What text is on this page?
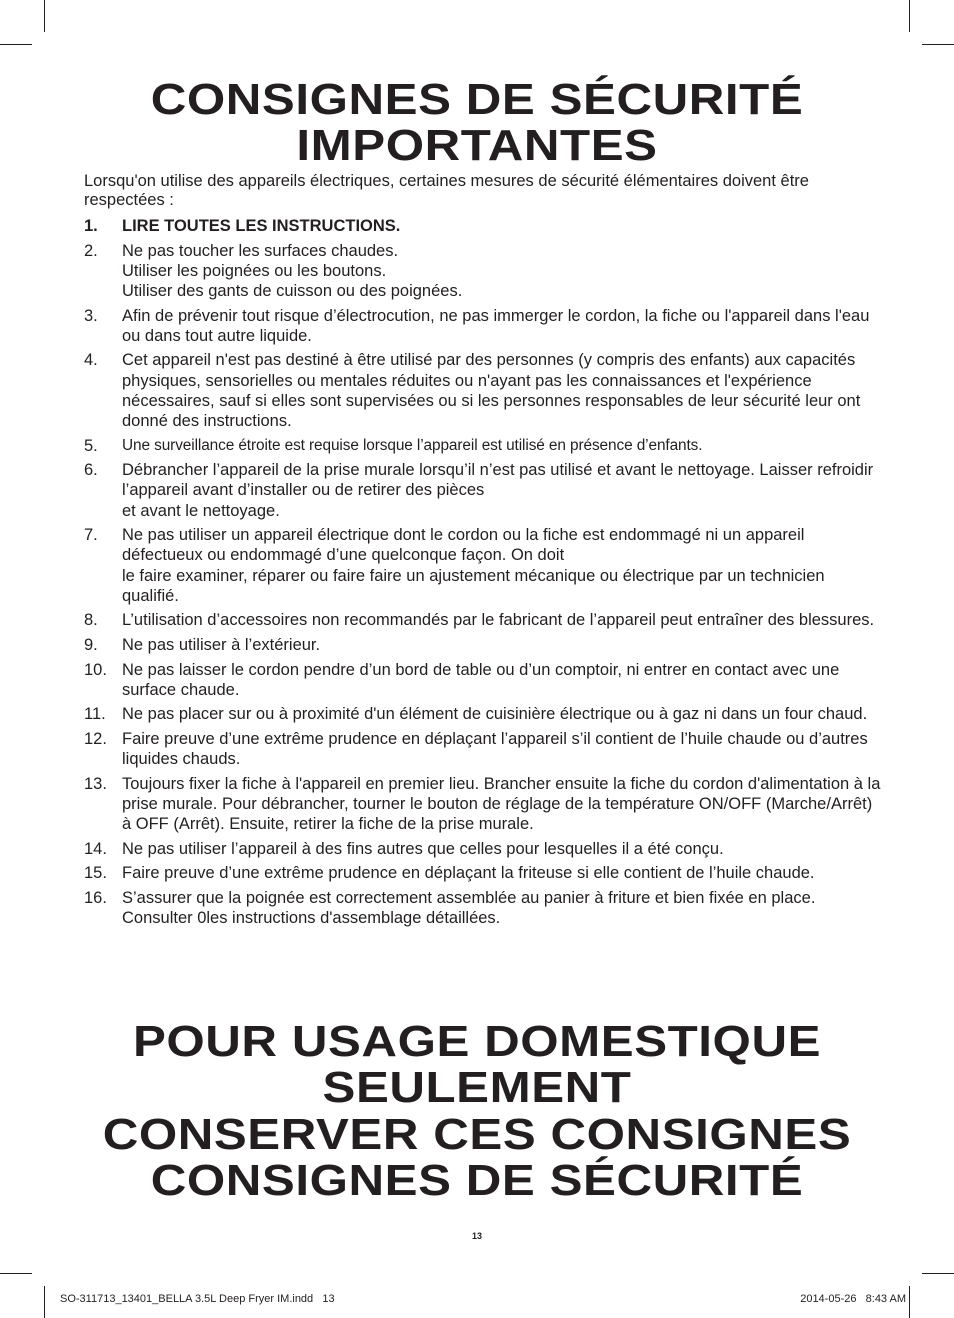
CONSIGNES DE SÉCURITÉ
IMPORTANTES

Lorsqu'on utilise des appareils électriques, certaines mesures de sécurité élémentaires doivent être respectées :

1.	LIRE TOUTES LES INSTRUCTIONS.
2.	Ne pas toucher les surfaces chaudes.
Utiliser les poignées ou les boutons.
Utiliser des gants de cuisson ou des poignées.
3.	Afin de prévenir tout risque d’électrocution, ne pas immerger le cordon, la fiche ou l'appareil dans l'eau ou dans tout autre liquide.
4.	Cet appareil n'est pas destiné à être utilisé par des personnes (y compris des enfants) aux capacités physiques, sensorielles ou mentales réduites ou n'ayant pas les connaissances et l'expérience nécessaires, sauf si elles sont supervisées ou si les personnes responsables de leur sécurité leur ont donné des instructions.
5.	Une surveillance étroite est requise lorsque l’appareil est utilisé en présence d’enfants.
6.	Débrancher l’appareil de la prise murale lorsqu’il n’est pas utilisé et avant le nettoyage. Laisser refroidir l’appareil avant d’installer ou de retirer des pièces
et avant le nettoyage.
7.	Ne pas utiliser un appareil électrique dont le cordon ou la fiche est endommagé ni un appareil défectueux ou endommagé d’une quelconque façon. On doit
le faire examiner, réparer ou faire faire un ajustement mécanique ou électrique par un technicien qualifié.
8.	L’utilisation d’accessoires non recommandés par le fabricant de l’appareil peut entraîner des blessures.
9.	Ne pas utiliser à l’extérieur.
10. Ne pas laisser le cordon pendre d’un bord de table ou d’un comptoir, ni entrer en contact avec une surface chaude.
11. Ne pas placer sur ou à proximité d'un élément de cuisinière électrique ou à gaz ni dans un four chaud.
12. Faire preuve d’une extrême prudence en déplaçant l’appareil s’il contient de l’huile chaude ou d’autres liquides chauds.
13. Toujours fixer la fiche à l'appareil en premier lieu. Brancher ensuite la fiche du cordon d'alimentation à la prise murale. Pour débrancher, tourner le bouton de réglage de la température ON/OFF (Marche/Arrêt) à OFF (Arrêt). Ensuite, retirer la fiche de la prise murale.
14. Ne pas utiliser l’appareil à des fins autres que celles pour lesquelles il a été conçu.
15. Faire preuve d’une extrême prudence en déplaçant la friteuse si elle contient de l’huile chaude.
16. S’assurer que la poignée est correctement assemblée au panier à friture et bien fixée en place. Consulter 0les instructions d'assemblage détaillées.
POUR USAGE DOMESTIQUE
SEULEMENT
CONSERVER CES CONSIGNES
CONSIGNES DE SÉCURITÉ
13
SO-311713_13401_BELLA 3.5L Deep Fryer IM.indd   13	2014-05-26   8:43 AM
